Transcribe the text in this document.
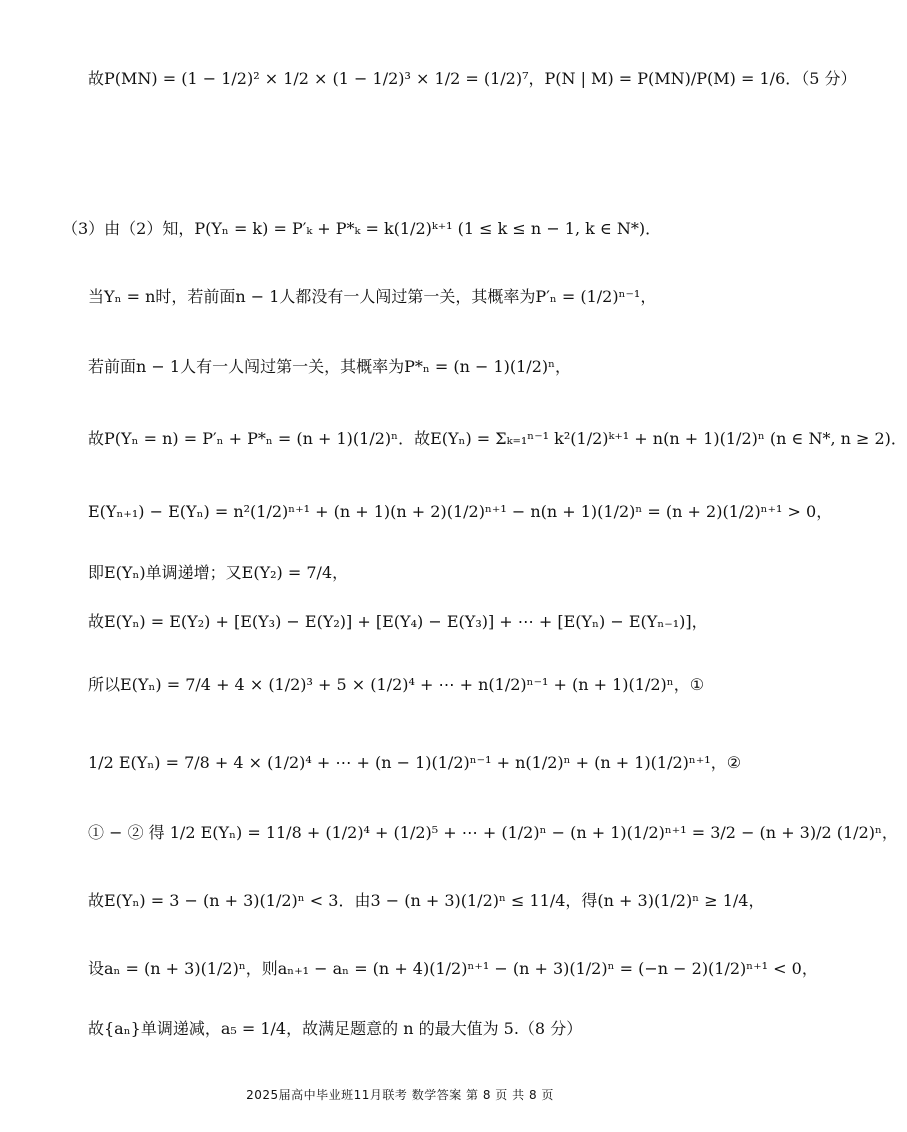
故P(MN) = (1 − 1/2)² × 1/2 × (1 − 1/2)³ × 1/2 = (1/2)⁷，P(N | M) = P(MN)/P(M) = 1/6．（5 分）
（3）由（2）知，P(Yₙ = k) = P′ₖ + P*ₖ = k(1/2)ᵏ⁺¹ (1 ≤ k ≤ n − 1, k ∈ N*)．
当Yₙ = n时，若前面n − 1人都没有一人闯过第一关，其概率为P′ₙ = (1/2)ⁿ⁻¹，
若前面n − 1人有一人闯过第一关，其概率为P*ₙ = (n − 1)(1/2)ⁿ，
故P(Yₙ = n) = P′ₙ + P*ₙ = (n + 1)(1/2)ⁿ．故E(Yₙ) = Σₖ₌₁ⁿ⁻¹ k²(1/2)ᵏ⁺¹ + n(n + 1)(1/2)ⁿ (n ∈ N*, n ≥ 2)．
E(Yₙ₊₁) − E(Yₙ) = n²(1/2)ⁿ⁺¹ + (n + 1)(n + 2)(1/2)ⁿ⁺¹ − n(n + 1)(1/2)ⁿ = (n + 2)(1/2)ⁿ⁺¹ > 0，
即E(Yₙ)单调递增；又E(Y₂) = 7/4，
故E(Yₙ) = E(Y₂) + [E(Y₃) − E(Y₂)] + [E(Y₄) − E(Y₃)] + ⋯ + [E(Yₙ) − E(Yₙ₋₁)]，
所以E(Yₙ) = 7/4 + 4 × (1/2)³ + 5 × (1/2)⁴ + ⋯ + n(1/2)ⁿ⁻¹ + (n + 1)(1/2)ⁿ，①
1/2 E(Yₙ) = 7/8 + 4 × (1/2)⁴ + ⋯ + (n − 1)(1/2)ⁿ⁻¹ + n(1/2)ⁿ + (n + 1)(1/2)ⁿ⁺¹，②
① − ② 得 1/2 E(Yₙ) = 11/8 + (1/2)⁴ + (1/2)⁵ + ⋯ + (1/2)ⁿ − (n + 1)(1/2)ⁿ⁺¹ = 3/2 − (n + 3)/2 (1/2)ⁿ，
故E(Yₙ) = 3 − (n + 3)(1/2)ⁿ < 3．由3 − (n + 3)(1/2)ⁿ ≤ 11/4，得(n + 3)(1/2)ⁿ ≥ 1/4，
设aₙ = (n + 3)(1/2)ⁿ，则aₙ₊₁ − aₙ = (n + 4)(1/2)ⁿ⁺¹ − (n + 3)(1/2)ⁿ = (−n − 2)(1/2)ⁿ⁺¹ < 0，
故{aₙ}单调递减，a₅ = 1/4，故满足题意的 n 的最大值为 5.（8 分）
2025届高中毕业班11月联考 数学答案 第 8 页 共 8 页
